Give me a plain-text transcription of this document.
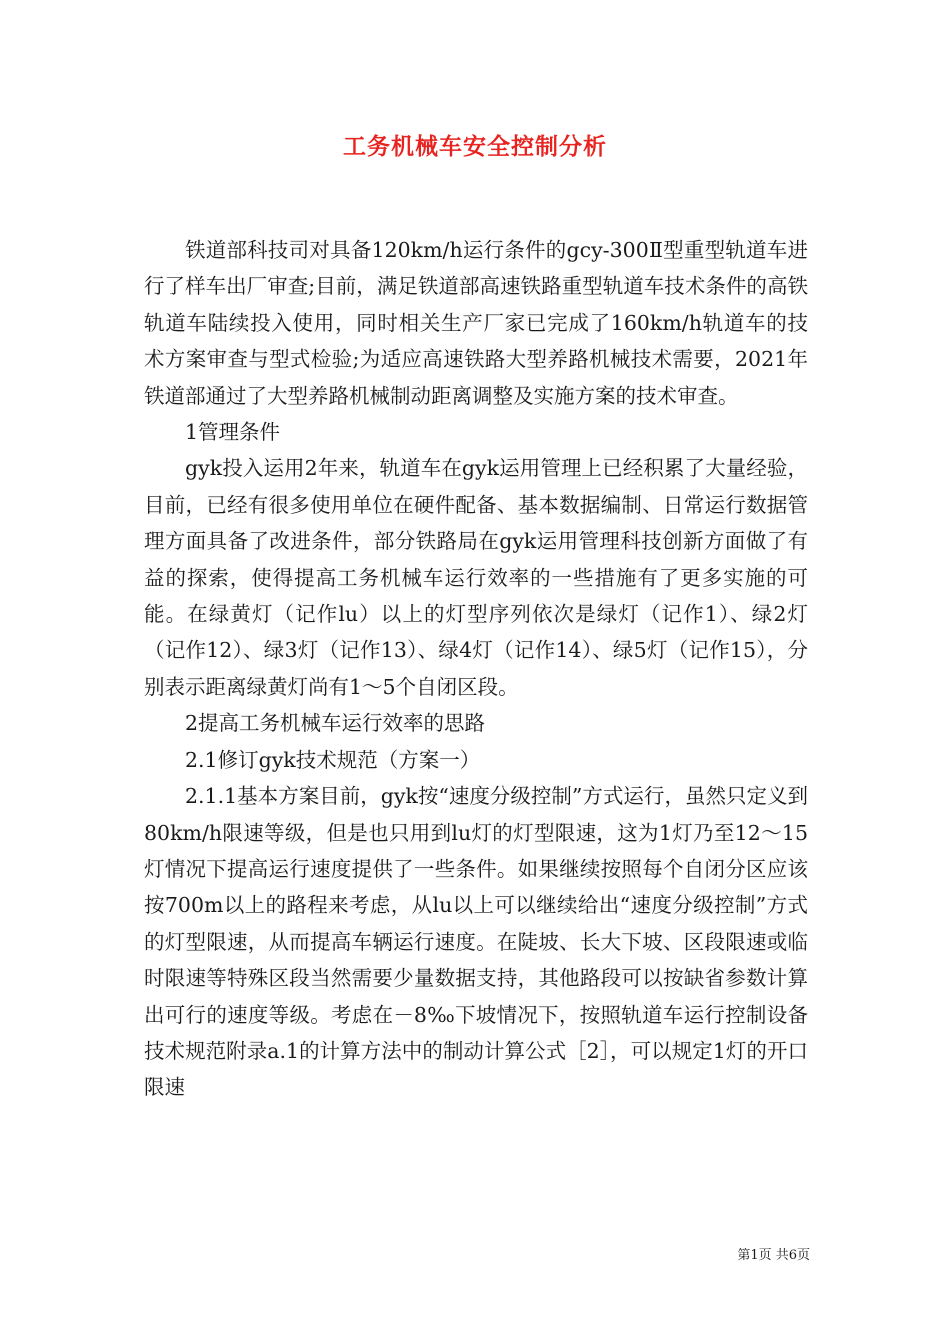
工务机械车安全控制分析

铁道部科技司对具备120km/h运行条件的gcy-300Ⅱ型重型轨道车进行了样车出厂审查;目前，满足铁道部高速铁路重型轨道车技术条件的高铁轨道车陆续投入使用，同时相关生产厂家已完成了160km/h轨道车的技术方案审查与型式检验;为适应高速铁路大型养路机械技术需要，2021年铁道部通过了大型养路机械制动距离调整及实施方案的技术审查。

1管理条件

gyk投入运用2年来，轨道车在gyk运用管理上已经积累了大量经验，目前，已经有很多使用单位在硬件配备、基本数据编制、日常运行数据管理方面具备了改进条件，部分铁路局在gyk运用管理科技创新方面做了有益的探索，使得提高工务机械车运行效率的一些措施有了更多实施的可能。在绿黄灯（记作lu）以上的灯型序列依次是绿灯（记作1）、绿2灯（记作12）、绿3灯（记作13）、绿4灯（记作14）、绿5灯（记作15），分别表示距离绿黄灯尚有1～5个自闭区段。

2提高工务机械车运行效率的思路

2.1修订gyk技术规范（方案一）

2.1.1基本方案目前，gyk按“速度分级控制”方式运行，虽然只定义到80km/h限速等级，但是也只用到lu灯的灯型限速，这为1灯乃至12～15灯情况下提高运行速度提供了一些条件。如果继续按照每个自闭分区应该按700m以上的路程来考虑，从lu以上可以继续给出“速度分级控制”方式的灯型限速，从而提高车辆运行速度。在陡坡、长大下坡、区段限速或临时限速等特殊区段当然需要少量数据支持，其他路段可以按缺省参数计算出可行的速度等级。考虑在－8‰下坡情况下，按照轨道车运行控制设备技术规范附录a.1的计算方法中的制动计算公式［2］，可以规定1灯的开口限速

第1页 共6页
